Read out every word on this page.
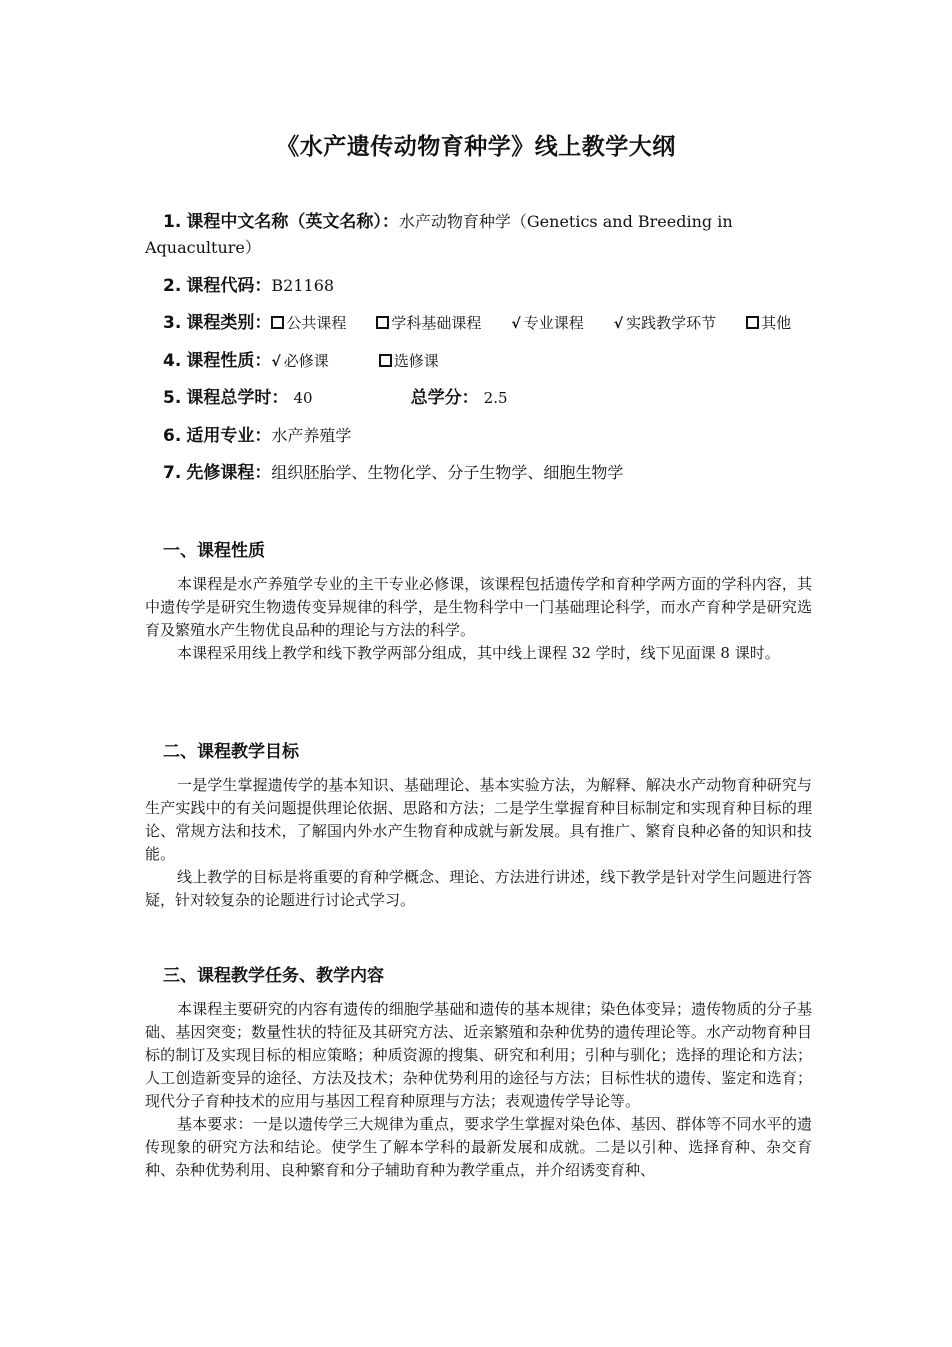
《水产遗传动物育种学》线上教学大纲
1. 课程中文名称（英文名称）：水产动物育种学（Genetics and Breeding in
Aquaculture）
2. 课程代码：B21168
3. 课程类别： 公共课程	学科基础课程 √ 专业课程 √ 实践教学环节	其他
4. 课程性质：√ 必修课	选修课
5. 课程总学时： 40	总学分： 2.5
6. 适用专业：水产养殖学
7. 先修课程：组织胚胎学、生物化学、分子生物学、细胞生物学
一、课程性质

本课程是水产养殖学专业的主干专业必修课，该课程包括遗传学和育种学两方面的学科内容，其中遗传学是研究生物遗传变异规律的科学，是生物科学中一门基础理论科学，而水产育种学是研究选育及繁殖水产生物优良品种的理论与方法的科学。

本课程采用线上教学和线下教学两部分组成，其中线上课程 32 学时，线下见面课 8 课时。

二、课程教学目标

一是学生掌握遗传学的基本知识、基础理论、基本实验方法，为解释、解决水产动物育种研究与生产实践中的有关问题提供理论依据、思路和方法；二是学生掌握育种目标制定和实现育种目标的理论、常规方法和技术，了解国内外水产生物育种成就与新发展。具有推广、繁育良种必备的知识和技能。

线上教学的目标是将重要的育种学概念、理论、方法进行讲述，线下教学是针对学生问题进行答疑，针对较复杂的论题进行讨论式学习。

三、课程教学任务、教学内容

本课程主要研究的内容有遗传的细胞学基础和遗传的基本规律；染色体变异；遗传物质的分子基础、基因突变；数量性状的特征及其研究方法、近亲繁殖和杂种优势的遗传理论等。水产动物育种目标的制订及实现目标的相应策略；种质资源的搜集、研究和利用；引种与驯化；选择的理论和方法；人工创造新变异的途径、方法及技术；杂种优势利用的途径与方法；目标性状的遗传、鉴定和选育；现代分子育种技术的应用与基因工程育种原理与方法；表观遗传学导论等。

基本要求：一是以遗传学三大规律为重点，要求学生掌握对染色体、基因、群体等不同水平的遗传现象的研究方法和结论。使学生了解本学科的最新发展和成就。二是以引种、选择育种、杂交育种、杂种优势利用、良种繁育和分子辅助育种为教学重点，并介绍诱变育种、
